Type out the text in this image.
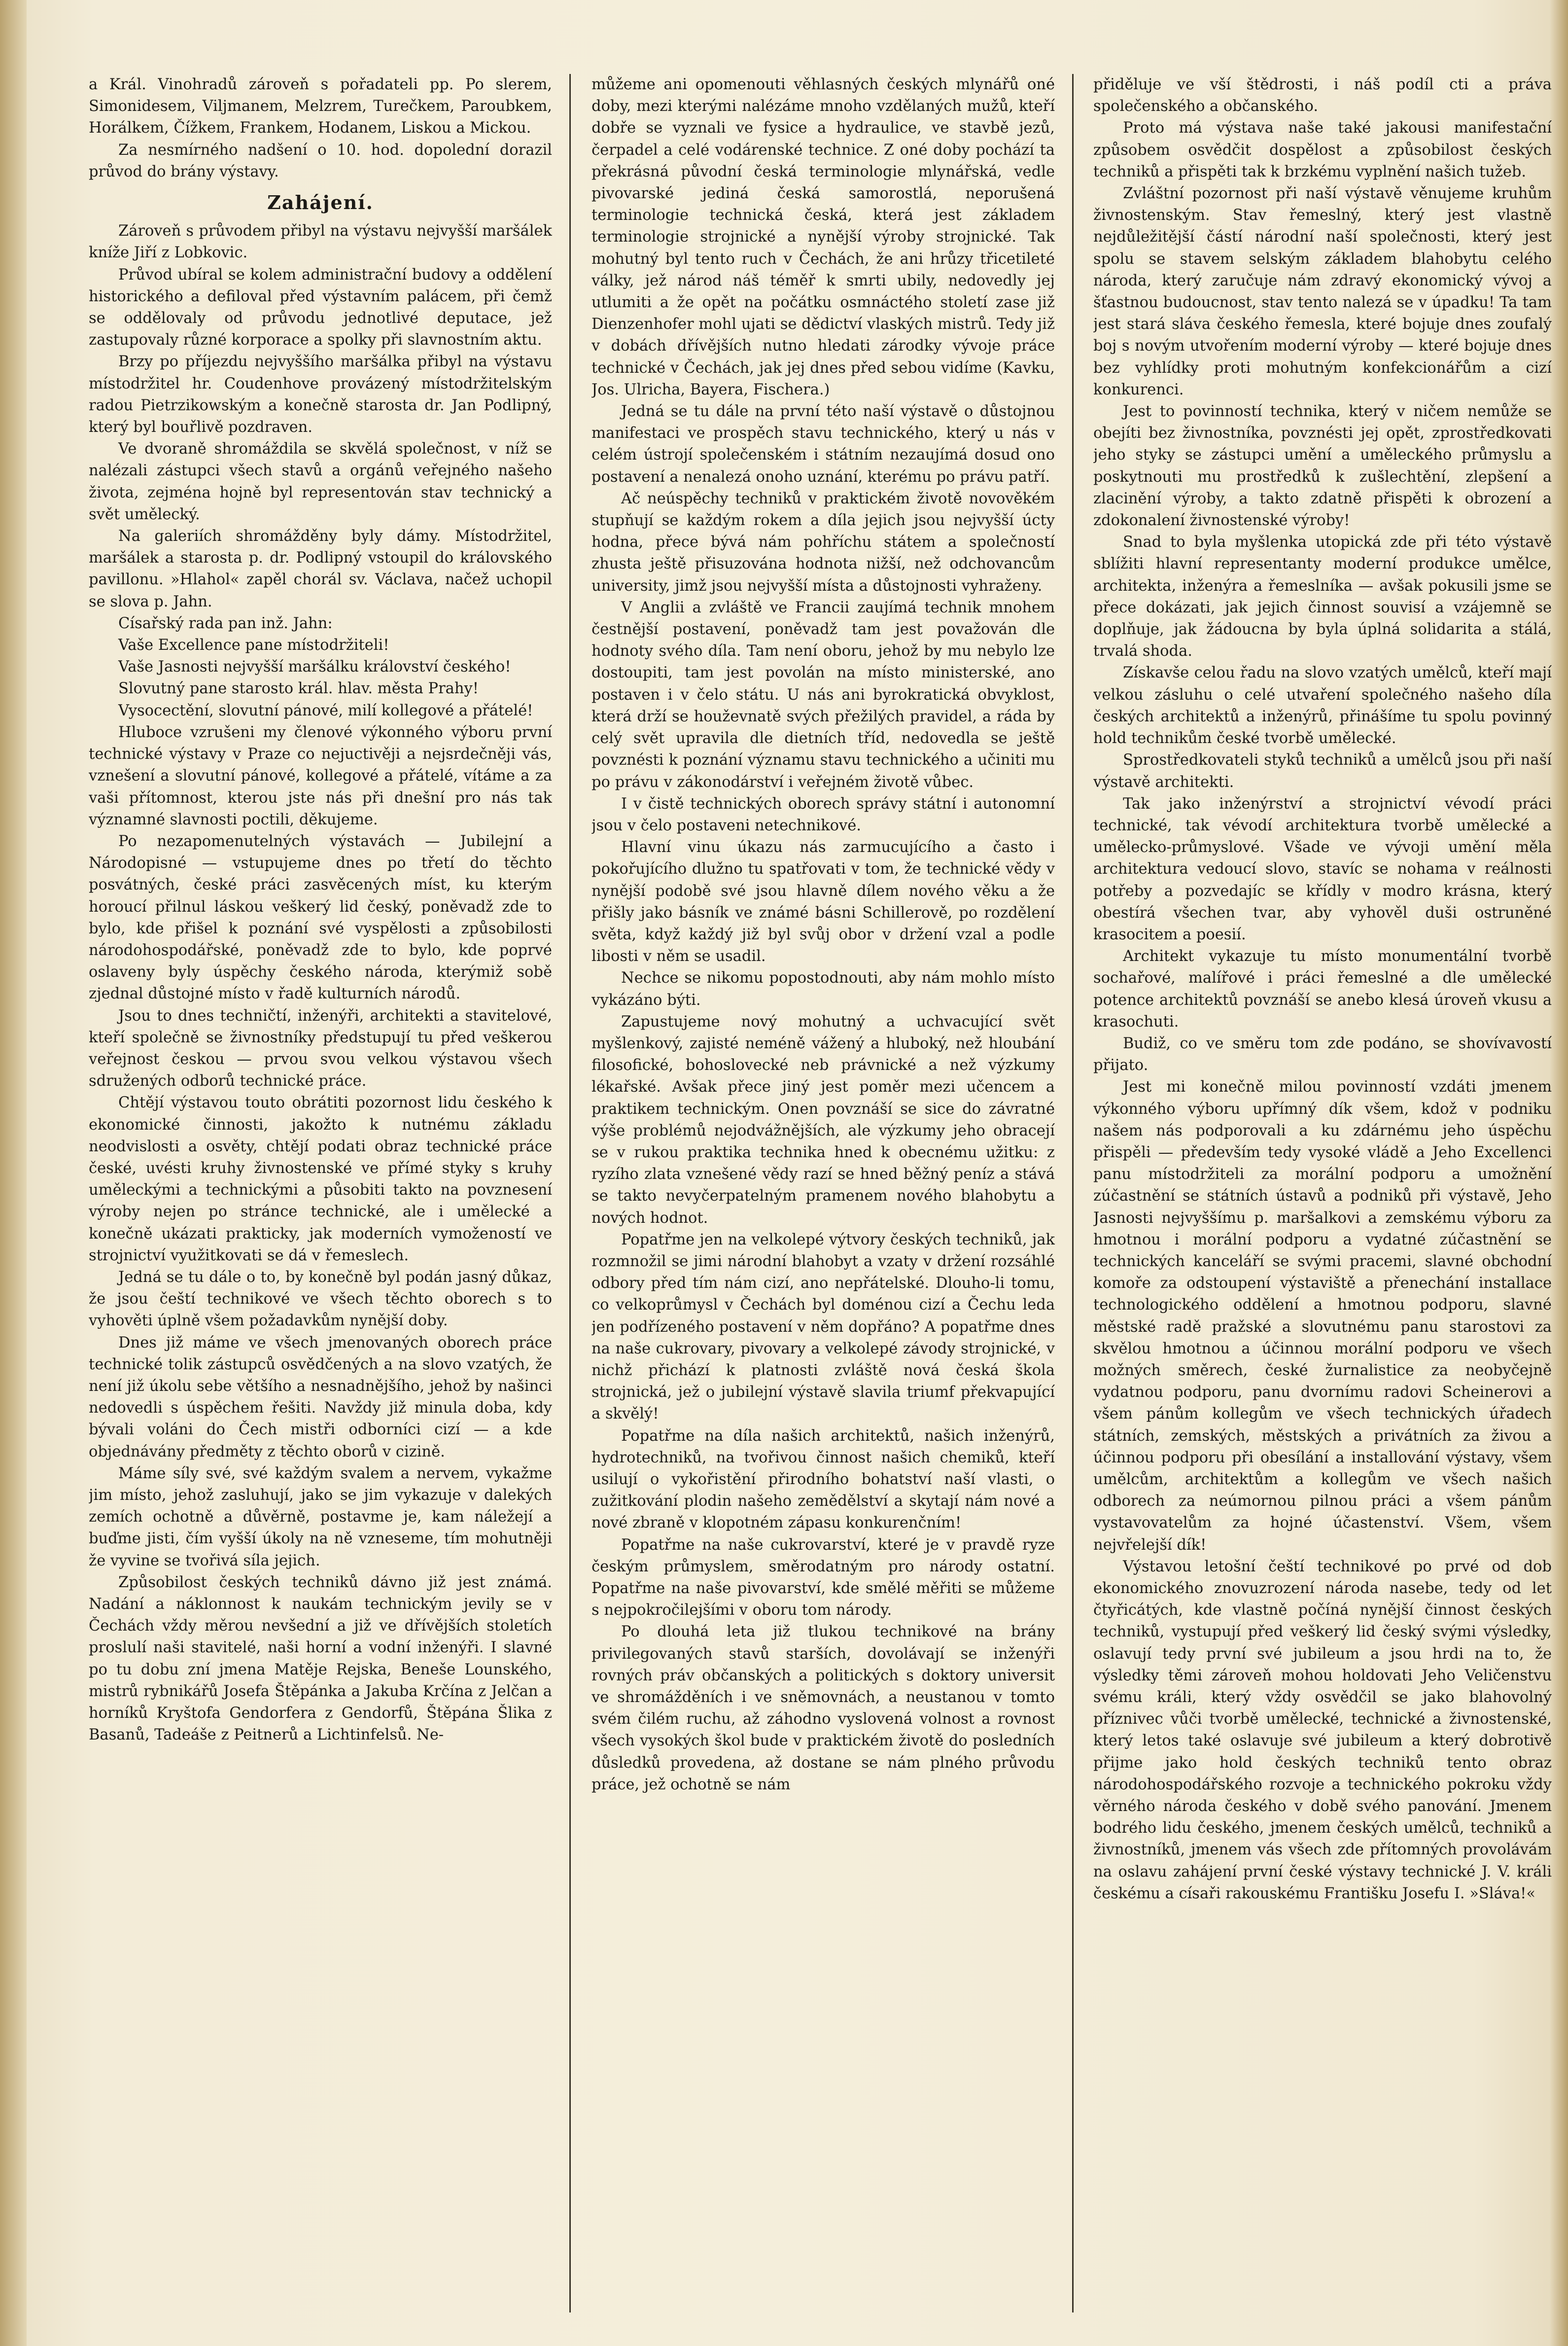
a Král. Vinohradů zároveň s pořadateli pp. Po slerem, Simonidesem, Viljmanem, Melzrem, Turečkem, Paroubkem, Horálkem, Čížkem, Frankem, Hodanem, Liskou a Mickou.

Za nesmírného nadšení o 10. hod. dopolední dorazil průvod do brány výstavy.

Zahájení.

Zároveň s průvodem přibyl na výstavu nejvyšší maršálek kníže Jiří z Lobkovic.

Průvod ubíral se kolem administrační budovy a oddělení historického a defiloval před výstavním palácem, při čemž se oddělovaly od průvodu jednotlivé deputace, jež zastupovaly různé korporace a spolky při slavnostním aktu.

Brzy po příjezdu nejvyššího maršálka přibyl na výstavu místodržitel hr. Coudenhove provázený místodržitelským radou Pietrzikowským a konečně starosta dr. Jan Podlipný, který byl bouřlivě pozdraven.

Ve dvoraně shromáždila se skvělá společnost, v níž se nalézali zástupci všech stavů a orgánů veřejného našeho života, zejména hojně byl representován stav technický a svět umělecký.

Na galeriích shromážděny byly dámy. Místodržitel, maršálek a starosta p. dr. Podlipný vstoupil do královského pavillonu. »Hlahol« zapěl chorál sv. Václava, načež uchopil se slova p. Jahn.

Císařský rada pan inž. Jahn:

Vaše Excellence pane místodržiteli!

Vaše Jasnosti nejvyšší maršálku království českého!

Slovutný pane starosto král. hlav. města Prahy!

Vysocectění, slovutní pánové, milí kollegové a přátelé!

Hluboce vzrušeni my členové výkonného výboru první technické výstavy v Praze co nejuctivěji a nejsrdečněji vás, vznešení a slovutní pánové, kollegové a přátelé, vítáme a za vaši přítomnost, kterou jste nás při dnešní pro nás tak významné slavnosti poctili, děkujeme.

Po nezapomenutelných výstavách — Jubilejní a Národopisné — vstupujeme dnes po třetí do těchto posvátných, české práci zasvěcených míst, ku kterým horoucí přilnul láskou veškerý lid český, poněvadž zde to bylo, kde přišel k poznání své vyspělosti a způsobilosti národohospodářské, poněvadž zde to bylo, kde poprvé oslaveny byly úspěchy českého národa, kterýmiž sobě zjednal důstojné místo v řadě kulturních národů.

Jsou to dnes techničtí, inženýři, architekti a stavitelové, kteří společně se živnostníky předstupují tu před veškerou veřejnost českou — prvou svou velkou výstavou všech sdružených odborů technické práce.

Chtějí výstavou touto obrátiti pozornost lidu českého k ekonomické činnosti, jakožto k nutnému základu neodvislosti a osvěty, chtějí podati obraz technické práce české, uvésti kruhy živnostenské ve přímé styky s kruhy uměleckými a technickými a působiti takto na povznesení výroby nejen po stránce technické, ale i umělecké a konečně ukázati prakticky, jak moderních vymožeností ve strojnictví využitkovati se dá v řemeslech.

Jedná se tu dále o to, by konečně byl podán jasný důkaz, že jsou čeští technikové ve všech těchto oborech s to vyhověti úplně všem požadavkům nynější doby.

Dnes již máme ve všech jmenovaných oborech práce technické tolik zástupců osvědčených a na slovo vzatých, že není již úkolu sebe většího a nesnadnějšího, jehož by našinci nedovedli s úspěchem řešiti. Navždy již minula doba, kdy bývali voláni do Čech mistři odborníci cizí — a kde objednávány předměty z těchto oborů v cizině.

Máme síly své, své každým svalem a nervem, vykažme jim místo, jehož zasluhují, jako se jim vykazuje v dalekých zemích ochotně a důvěrně, postavme je, kam náležejí a buďme jisti, čím vyšší úkoly na ně vzneseme, tím mohutněji že vyvine se tvořivá síla jejich.

Způsobilost českých techniků dávno již jest známá. Nadání a náklonnost k naukám technickým jevily se v Čechách vždy měrou nevšední a již ve dřívějších stoletích proslulí naši stavitelé, naši horní a vodní inženýři. I slavné po tu dobu zní jmena Matěje Rejska, Beneše Lounského, mistrů rybnikářů Josefa Štěpánka a Jakuba Krčína z Jelčan a horníků Kryštofa Gendorfera z Gendorfů, Štěpána Šlika z Basanů, Tadeáše z Peitnerů a Lichtinfelsů. Ne-

můžeme ani opomenouti věhlasných českých mlynářů oné doby, mezi kterými nalézáme mnoho vzdělaných mužů, kteří dobře se vyznali ve fysice a hydraulice, ve stavbě jezů, čerpadel a celé vodárenské technice. Z oné doby pochází ta překrásná původní česká terminologie mlynářská, vedle pivovarské jediná česká samorostlá, neporušená terminologie technická česká, která jest základem terminologie strojnické a nynější výroby strojnické. Tak mohutný byl tento ruch v Čechách, že ani hrůzy třicetileté války, jež národ náš téměř k smrti ubily, nedovedly jej utlumiti a že opět na počátku osmnáctého století zase již Dienzenhofer mohl ujati se dědictví vlaských mistrů. Tedy již v dobách dřívějších nutno hledati zárodky vývoje práce technické v Čechách, jak jej dnes před sebou vidíme (Kavku, Jos. Ulricha, Bayera, Fischera.)

Jedná se tu dále na první této naší výstavě o důstojnou manifestaci ve prospěch stavu technického, který u nás v celém ústrojí společenském i státním nezaujímá dosud ono postavení a nenalezá onoho uznání, kterému po právu patří.

Ač neúspěchy techniků v praktickém životě novověkém stupňují se každým rokem a díla jejich jsou nejvyšší úcty hodna, přece bývá nám pohříchu státem a společností zhusta ještě přisuzována hodnota nižší, než odchovancům university, jimž jsou nejvyšší místa a důstojnosti vyhraženy.

V Anglii a zvláště ve Francii zaujímá technik mnohem čestnější postavení, poněvadž tam jest považován dle hodnoty svého díla. Tam není oboru, jehož by mu nebylo lze dostoupiti, tam jest povolán na místo ministerské, ano postaven i v čelo státu. U nás ani byrokratická obvyklost, která drží se houževnatě svých přežilých pravidel, a ráda by celý svět upravila dle dietních tříd, nedovedla se ještě povznésti k poznání významu stavu technického a učiniti mu po právu v zákonodárství i veřejném životě vůbec.

I v čistě technických oborech správy státní i autonomní jsou v čelo postaveni netechnikové.

Hlavní vinu úkazu nás zarmucujícího a často i pokořujícího dlužno tu spatřovati v tom, že technické vědy v nynější podobě své jsou hlavně dílem nového věku a že přišly jako básník ve známé básni Schillerově, po rozdělení světa, když každý již byl svůj obor v držení vzal a podle libosti v něm se usadil.

Nechce se nikomu popostodnouti, aby nám mohlo místo vykázáno býti.

Zapustujeme nový mohutný a uchvacující svět myšlenkový, zajisté neméně vážený a hluboký, než hloubání filosofické, bohoslovecké neb právnické a než výzkumy lékařské. Avšak přece jiný jest poměr mezi učencem a praktikem technickým. Onen povznáší se sice do závratné výše problémů nejodvážnějších, ale výzkumy jeho obracejí se v rukou praktika technika hned k obecnému užitku: z ryzího zlata vznešené vědy razí se hned běžný peníz a stává se takto nevyčerpatelným pramenem nového blahobytu a nových hodnot.

Popatřme jen na velkolepé výtvory českých techniků, jak rozmnožil se jimi národní blahobyt a vzaty v držení rozsáhlé odbory před tím nám cizí, ano nepřátelské. Dlouho-li tomu, co velkoprůmysl v Čechách byl doménou cizí a Čechu leda jen podřízeného postavení v něm dopřáno? A popatřme dnes na naše cukrovary, pivovary a velkolepé závody strojnické, v nichž přichází k platnosti zvláště nová česká škola strojnická, jež o jubilejní výstavě slavila triumf překvapující a skvělý!

Popatřme na díla našich architektů, našich inženýrů, hydrotechniků, na tvořivou činnost našich chemiků, kteří usilují o vykořistění přirodního bohatství naší vlasti, o zužitkování plodin našeho zemědělství a skytají nám nové a nové zbraně v klopotném zápasu konkurenčním!

Popatřme na naše cukrovarství, které je v pravdě ryze českým průmyslem, směrodatným pro národy ostatní. Popatřme na naše pivovarství, kde smělé měřiti se můžeme s nejpokročilejšími v oboru tom národy.

Po dlouhá leta již tlukou technikové na brány privilegovaných stavů starších, dovolávají se inženýři rovných práv občanských a politických s doktory universit ve shromážděních i ve sněmovnách, a neustanou v tomto svém čilém ruchu, až záhodno vyslovená volnost a rovnost všech vysokých škol bude v praktickém životě do posledních důsledků provedena, až dostane se nám plného průvodu práce, jež ochotně se nám

přiděluje ve vší štědrosti, i náš podíl cti a práva společenského a občanského.

Proto má výstava naše také jakousi manifestační způsobem osvědčit dospělost a způsobilost českých techniků a přispěti tak k brzkému vyplnění našich tužeb.

Zvláštní pozornost při naší výstavě věnujeme kruhům živnostenským. Stav řemeslný, který jest vlastně nejdůležitější částí národní naší společnosti, který jest spolu se stavem selským základem blahobytu celého národa, který zaručuje nám zdravý ekonomický vývoj a šťastnou budoucnost, stav tento nalezá se v úpadku! Ta tam jest stará sláva českého řemesla, které bojuje dnes zoufalý boj s novým utvořením moderní výroby — které bojuje dnes bez vyhlídky proti mohutným konfekcionářům a cizí konkurenci.

Jest to povinností technika, který v ničem nemůže se obejíti bez živnostníka, povznésti jej opět, zprostředkovati jeho styky se zástupci umění a uměleckého průmyslu a poskytnouti mu prostředků k zušlechtění, zlepšení a zlacinění výroby, a takto zdatně přispěti k obrození a zdokonalení živnostenské výroby!

Snad to byla myšlenka utopická zde při této výstavě sblížiti hlavní representanty moderní produkce umělce, architekta, inženýra a řemeslníka — avšak pokusili jsme se přece dokázati, jak jejich činnost souvisí a vzájemně se doplňuje, jak žádoucna by byla úplná solidarita a stálá, trvalá shoda.

Získavše celou řadu na slovo vzatých umělců, kteří mají velkou zásluhu o celé utvaření společného našeho díla českých architektů a inženýrů, přinášíme tu spolu povinný hold technikům české tvorbě umělecké.

Sprostředkovateli styků techniků a umělců jsou při naší výstavě architekti.

Tak jako inženýrství a strojnictví vévodí práci technické, tak vévodí architektura tvorbě umělecké a umělecko-průmyslové. Všade ve vývoji umění měla architektura vedoucí slovo, stavíc se nohama v reálnosti potřeby a pozvedajíc se křídly v modro krásna, který obestírá všechen tvar, aby vyhověl duši ostruněné krasocitem a poesií.

Architekt vykazuje tu místo monumentální tvorbě sochařové, malířové i práci řemeslné a dle umělecké potence architektů povznáší se anebo klesá úroveň vkusu a krasochuti.

Budiž, co ve směru tom zde podáno, se shovívavostí přijato.

Jest mi konečně milou povinností vzdáti jmenem výkonného výboru upřímný dík všem, kdož v podniku našem nás podporovali a ku zdárnému jeho úspěchu přispěli — především tedy vysoké vládě a Jeho Excellenci panu místodržiteli za morální podporu a umožnění zúčastnění se státních ústavů a podniků při výstavě, Jeho Jasnosti nejvyššímu p. maršalkovi a zemskému výboru za hmotnou i morální podporu a vydatné zúčastnění se technických kanceláří se svými pracemi, slavné obchodní komoře za odstoupení výstaviště a přenechání installace technologického oddělení a hmotnou podporu, slavné městské radě pražské a slovutnému panu starostovi za skvělou hmotnou a účinnou morální podporu ve všech možných směrech, české žurnalistice za neobyčejně vydatnou podporu, panu dvornímu radovi Scheinerovi a všem pánům kollegům ve všech technických úřadech státních, zemských, městských a privátních za živou a účinnou podporu při obesílání a installování výstavy, všem umělcům, architektům a kollegům ve všech našich odborech za neúmornou pilnou práci a všem pánům vystavovatelům za hojné účastenství. Všem, všem nejvřelejší dík!

Výstavou letošní čeští technikové po prvé od dob ekonomického znovuzrození národa nasebe, tedy od let čtyřicátých, kde vlastně počíná nynější činnost českých techniků, vystupují před veškerý lid český svými výsledky, oslavují tedy první své jubileum a jsou hrdi na to, že výsledky těmi zároveň mohou holdovati Jeho Veličenstvu svému králi, který vždy osvědčil se jako blahovolný příznivec vůči tvorbě umělecké, technické a živnostenské, který letos také oslavuje své jubileum a který dobrotivě přijme jako hold českých techniků tento obraz národohospodářského rozvoje a technického pokroku vždy věrného národa českého v době svého panování. Jmenem bodrého lidu českého, jmenem českých umělců, techniků a živnostníků, jmenem vás všech zde přítomných provolávám na oslavu zahájení první české výstavy technické J. V. králi českému a císaři rakouskému Františku Josefu I. »Sláva!«
